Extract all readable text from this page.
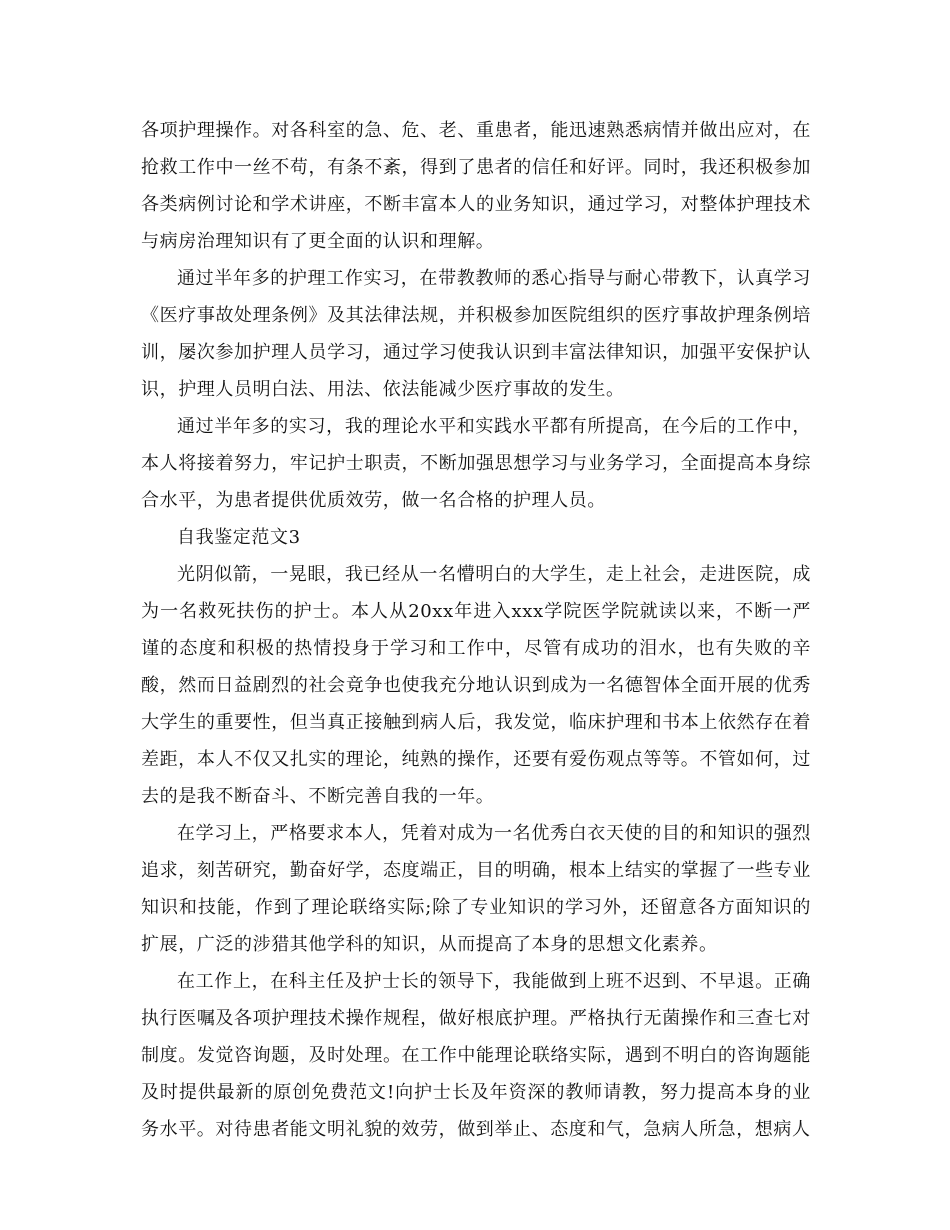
各项护理操作。对各科室的急、危、老、重患者，能迅速熟悉病情并做出应对，在抢救工作中一丝不苟，有条不紊，得到了患者的信任和好评。同时，我还积极参加各类病例讨论和学术讲座，不断丰富本人的业务知识，通过学习，对整体护理技术与病房治理知识有了更全面的认识和理解。

通过半年多的护理工作实习，在带教教师的悉心指导与耐心带教下，认真学习《医疗事故处理条例》及其法律法规，并积极参加医院组织的医疗事故护理条例培训，屡次参加护理人员学习，通过学习使我认识到丰富法律知识，加强平安保护认识，护理人员明白法、用法、依法能减少医疗事故的发生。

通过半年多的实习，我的理论水平和实践水平都有所提高，在今后的工作中，本人将接着努力，牢记护士职责，不断加强思想学习与业务学习，全面提高本身综合水平，为患者提供优质效劳，做一名合格的护理人员。

自我鉴定范文3

光阴似箭，一晃眼，我已经从一名懵明白的大学生，走上社会，走进医院，成为一名救死扶伤的护士。本人从20xx年进入xxx学院医学院就读以来，不断一严谨的态度和积极的热情投身于学习和工作中，尽管有成功的泪水，也有失败的辛酸，然而日益剧烈的社会竟争也使我充分地认识到成为一名德智体全面开展的优秀大学生的重要性，但当真正接触到病人后，我发觉，临床护理和书本上依然存在着差距，本人不仅又扎实的理论，纯熟的操作，还要有爱伤观点等等。不管如何，过去的是我不断奋斗、不断完善自我的一年。

在学习上，严格要求本人，凭着对成为一名优秀白衣天使的目的和知识的强烈追求，刻苦研究，勤奋好学，态度端正，目的明确，根本上结实的掌握了一些专业知识和技能，作到了理论联络实际;除了专业知识的学习外，还留意各方面知识的扩展，广泛的涉猎其他学科的知识，从而提高了本身的思想文化素养。

在工作上，在科主任及护士长的领导下，我能做到上班不迟到、不早退。正确执行医嘱及各项护理技术操作规程，做好根底护理。严格执行无菌操作和三查七对制度。发觉咨询题，及时处理。在工作中能理论联络实际，遇到不明白的咨询题能及时提供最新的原创免费范文!向护士长及年资深的教师请教，努力提高本身的业务水平。对待患者能文明礼貌的效劳，做到举止、态度和气，急病人所急，想病人
